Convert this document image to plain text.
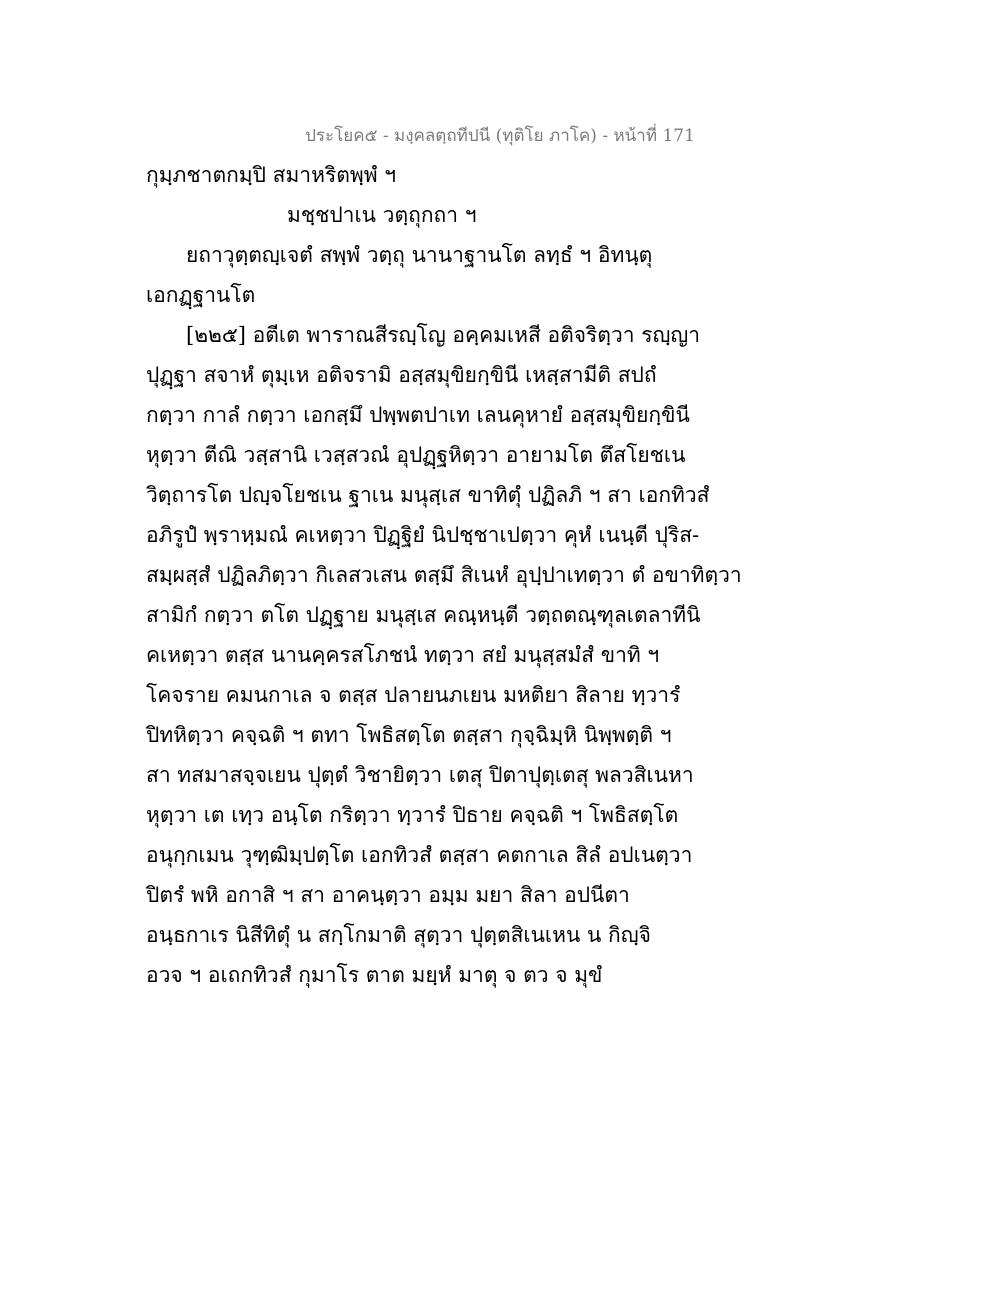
ประโยค๕ - มงฺคลตฺถทีปนี (ทุติโย ภาโค) - หน้าที่ 171
กุมฺภชาตกมฺปิ สมาหริตพฺพํ ฯ
มชฺชปาเน วตฺถุกถา ฯ
ยถาวุตฺตญฺเจตํ สพฺพํ วตฺถุ นานาฐานโต ลทฺธํ ฯ อิทนฺตุ
เอกฏฺฐานโต
[๒๒๕] อตีเต พาราณสีรญฺโญ อคฺคมเหสี อติจริตฺวา รญฺญา
ปุฏฺฐา สจาหํ ตุมฺเห อติจรามิ อสฺสมุขิยกฺขินี เหสฺสามีติ สปถํ
กตฺวา กาลํ กตฺวา เอกสฺมึ ปพฺพตปาเท เลนคุหายํ อสฺสมุขิยกฺขินี
หุตฺวา ตีณิ วสฺสานิ เวสฺสวณํ อุปฏฺฐหิตฺวา อายามโต ตึสโยชเน
วิตฺถารโต ปญฺจโยชเน ฐาเน มนุสฺเส ขาทิตุํ ปฏิลภิ ฯ สา เอกทิวสํ
อภิรูปํ พฺราหฺมณํ คเหตฺวา ปิฏฺฐิยํ นิปชฺชาเปตฺวา คุหํ เนนฺตี ปุริส-
สมฺผสฺสํ ปฏิลภิตฺวา กิเลสวเสน ตสฺมึ สิเนหํ อุปฺปาเทตฺวา ตํ อขาทิตฺวา
สามิกํ กตฺวา ตโต ปฏฺฐาย มนุสฺเส คณฺหนฺตี วตฺถตณฺฑุลเตลาทีนิ
คเหตฺวา ตสฺส นานคฺครสโภชนํ ทตฺวา สยํ มนุสฺสมํสํ ขาทิ ฯ
โคจราย คมนกาเล จ ตสฺส ปลายนภเยน มหติยา สิลาย ทฺวารํ
ปิทหิตฺวา คจฺฉติ ฯ ตทา โพธิสตฺโต ตสฺสา กุจฺฉิมฺหิ นิพฺพตฺติ ฯ
สา ทสมาสจฺจเยน ปุตฺตํ วิชายิตฺวา เตสุ ปิตาปุตฺเตสุ พลวสิเนหา
หุตฺวา เต เทฺว อนฺโต กริตฺวา ทฺวารํ ปิธาย คจฺฉติ ฯ โพธิสตฺโต
อนุกฺกเมน วุฑฺฒิมฺปตฺโต เอกทิวสํ ตสฺสา คตกาเล สิลํ อปเนตฺวา
ปิตรํ พหิ อกาสิ ฯ สา อาคนฺตฺวา อมฺม มยา สิลา อปนีตา
อนฺธกาเร นิสีทิตุํ น สกฺโกมาติ สุตฺวา ปุตฺตสิเนเหน น กิญฺจิ
อวจ ฯ อเถกทิวสํ กุมาโร ตาต มยฺหํ มาตุ จ ตว จ มุขํ
